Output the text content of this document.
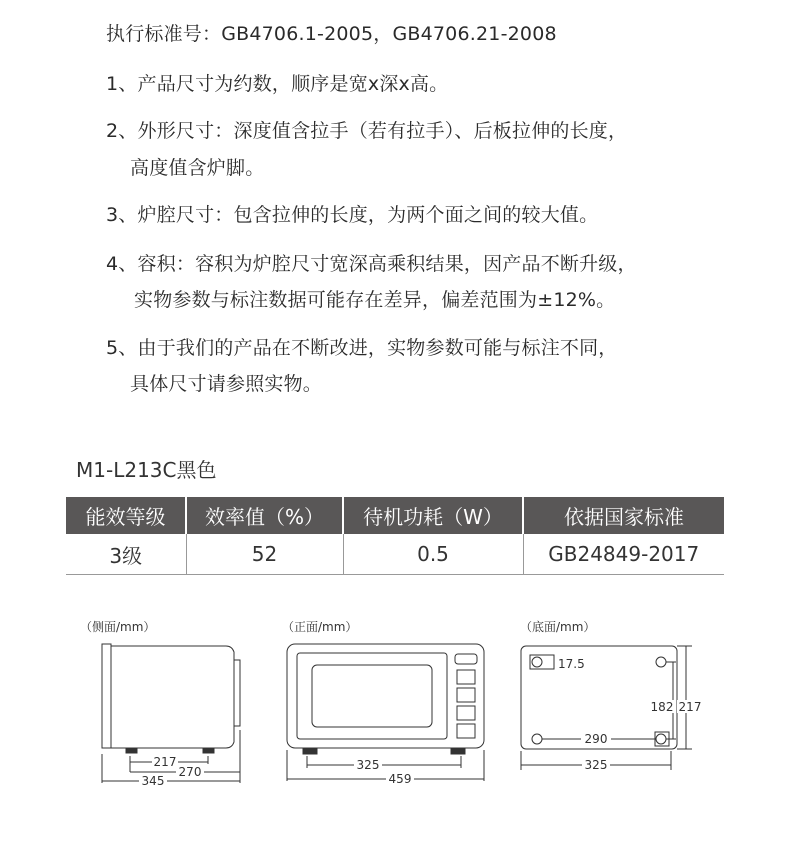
执行标准号：GB4706.1-2005，GB4706.21-2008
1、产品尺寸为约数，顺序是宽x深x高。
2、外形尺寸：深度值含拉手（若有拉手）、后板拉伸的长度，
高度值含炉脚。
3、炉腔尺寸：包含拉伸的长度，为两个面之间的较大值。
4、容积：容积为炉腔尺寸宽深高乘积结果，因产品不断升级，
实物参数与标注数据可能存在差异，偏差范围为±12%。
5、由于我们的产品在不断改进，实物参数可能与标注不同，
具体尺寸请参照实物。
M1-L213C黑色
能效等级	效率值（%）	待机功耗（W）	依据国家标准
3级	52	0.5	GB24849-2017
（侧面/mm）
217
270
345
（正面/mm）
325
459
（底面/mm）
17.5
290
182 217
325
